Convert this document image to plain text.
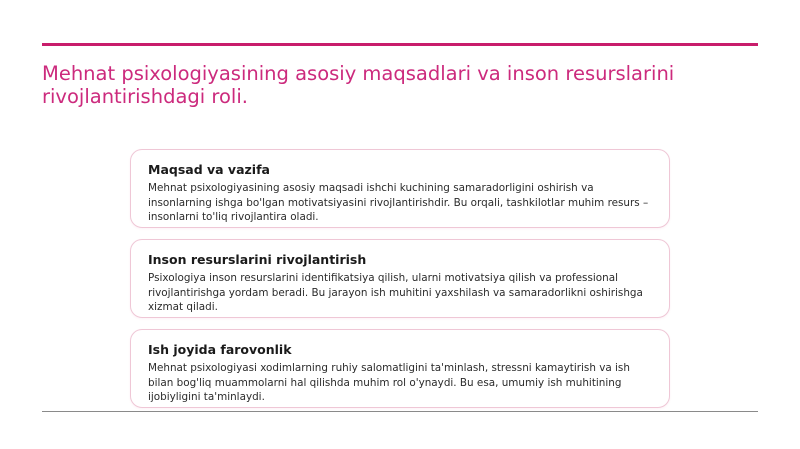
Mehnat psixologiyasining asosiy maqsadlari va inson resurslarini rivojlantirishdagi roli.
Maqsad va vazifa

Mehnat psixologiyasining asosiy maqsadi ishchi kuchining samaradorligini oshirish va insonlarning ishga bo'lgan motivatsiyasini rivojlantirishdir. Bu orqali, tashkilotlar muhim resurs – insonlarni to'liq rivojlantira oladi.

Inson resurslarini rivojlantirish

Psixologiya inson resurslarini identifikatsiya qilish, ularni motivatsiya qilish va professional rivojlantirishga yordam beradi. Bu jarayon ish muhitini yaxshilash va samaradorlikni oshirishga xizmat qiladi.

Ish joyida farovonlik

Mehnat psixologiyasi xodimlarning ruhiy salomatligini ta'minlash, stressni kamaytirish va ish bilan bog'liq muammolarni hal qilishda muhim rol o'ynaydi. Bu esa, umumiy ish muhitining ijobiyligini ta'minlaydi.
